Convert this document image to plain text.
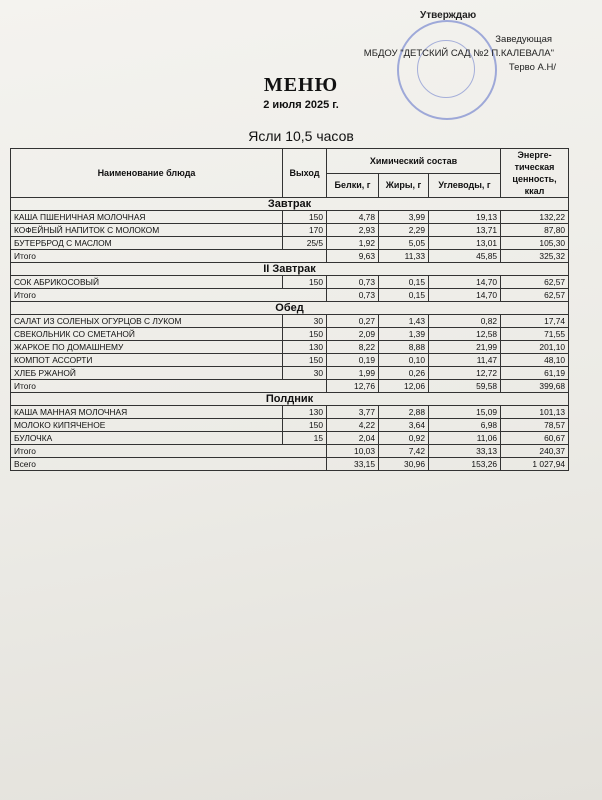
Утверждаю
Заведующая
МБДОУ "ДЕТСКИЙ САД №2 П.КАЛЕВАЛА"
Терво А.Н/
МЕНЮ
2 июля 2025 г.
Ясли 10,5 часов
Наименование блюда	Выход	Химический состав			Энерге-тическая ценность, ккал
		Белки, г	Жиры, г	Углеводы, г	
Завтрак					
КАША ПШЕНИЧНАЯ МОЛОЧНАЯ	150	4,78	3,99	19,13	132,22
КОФЕЙНЫЙ НАПИТОК С МОЛОКОМ	170	2,93	2,29	13,71	87,80
БУТЕРБРОД С МАСЛОМ	25/5	1,92	5,05	13,01	105,30
Итого		9,63	11,33	45,85	325,32
II Завтрак					
СОК АБРИКОСОВЫЙ	150	0,73	0,15	14,70	62,57
Итого		0,73	0,15	14,70	62,57
Обед					
САЛАТ ИЗ СОЛЕНЫХ ОГУРЦОВ С ЛУКОМ	30	0,27	1,43	0,82	17,74
СВЕКОЛЬНИК СО СМЕТАНОЙ	150	2,09	1,39	12,58	71,55
ЖАРКОЕ ПО ДОМАШНЕМУ	130	8,22	8,88	21,99	201,10
КОМПОТ АССОРТИ	150	0,19	0,10	11,47	48,10
ХЛЕБ РЖАНОЙ	30	1,99	0,26	12,72	61,19
Итого		12,76	12,06	59,58	399,68
Полдник					
КАША МАННАЯ МОЛОЧНАЯ	130	3,77	2,88	15,09	101,13
МОЛОКО КИПЯЧЕНОЕ	150	4,22	3,64	6,98	78,57
БУЛОЧКА	15	2,04	0,92	11,06	60,67
Итого		10,03	7,42	33,13	240,37
Всего		33,15	30,96	153,26	1 027,94
